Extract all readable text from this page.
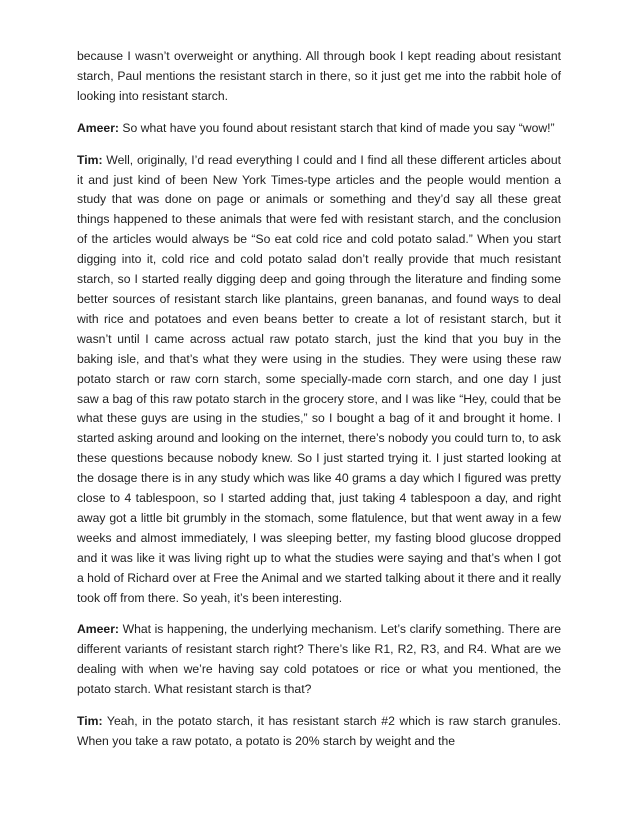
because I wasn’t overweight or anything. All through book I kept reading about resistant starch, Paul mentions the resistant starch in there, so it just get me into the rabbit hole of looking into resistant starch.

Ameer: So what have you found about resistant starch that kind of made you say “wow!”

Tim: Well, originally, I’d read everything I could and I find all these different articles about it and just kind of been New York Times-type articles and the people would mention a study that was done on page or animals or something and they’d say all these great things happened to these animals that were fed with resistant starch, and the conclusion of the articles would always be “So eat cold rice and cold potato salad.” When you start digging into it, cold rice and cold potato salad don’t really provide that much resistant starch, so I started really digging deep and going through the literature and finding some better sources of resistant starch like plantains, green bananas, and found ways to deal with rice and potatoes and even beans better to create a lot of resistant starch, but it wasn’t until I came across actual raw potato starch, just the kind that you buy in the baking isle, and that’s what they were using in the studies. They were using these raw potato starch or raw corn starch, some specially-made corn starch, and one day I just saw a bag of this raw potato starch in the grocery store, and I was like “Hey, could that be what these guys are using in the studies,” so I bought a bag of it and brought it home. I started asking around and looking on the internet, there’s nobody you could turn to, to ask these questions because nobody knew. So I just started trying it. I just started looking at the dosage there is in any study which was like 40 grams a day which I figured was pretty close to 4 tablespoon, so I started adding that, just taking 4 tablespoon a day, and right away got a little bit grumbly in the stomach, some flatulence, but that went away in a few weeks and almost immediately, I was sleeping better, my fasting blood glucose dropped and it was like it was living right up to what the studies were saying and that’s when I got a hold of Richard over at Free the Animal and we started talking about it there and it really took off from there. So yeah, it’s been interesting.

Ameer: What is happening, the underlying mechanism. Let’s clarify something. There are different variants of resistant starch right? There’s like R1, R2, R3, and R4. What are we dealing with when we’re having say cold potatoes or rice or what you mentioned, the potato starch. What resistant starch is that?

Tim: Yeah, in the potato starch, it has resistant starch #2 which is raw starch granules. When you take a raw potato, a potato is 20% starch by weight and the
